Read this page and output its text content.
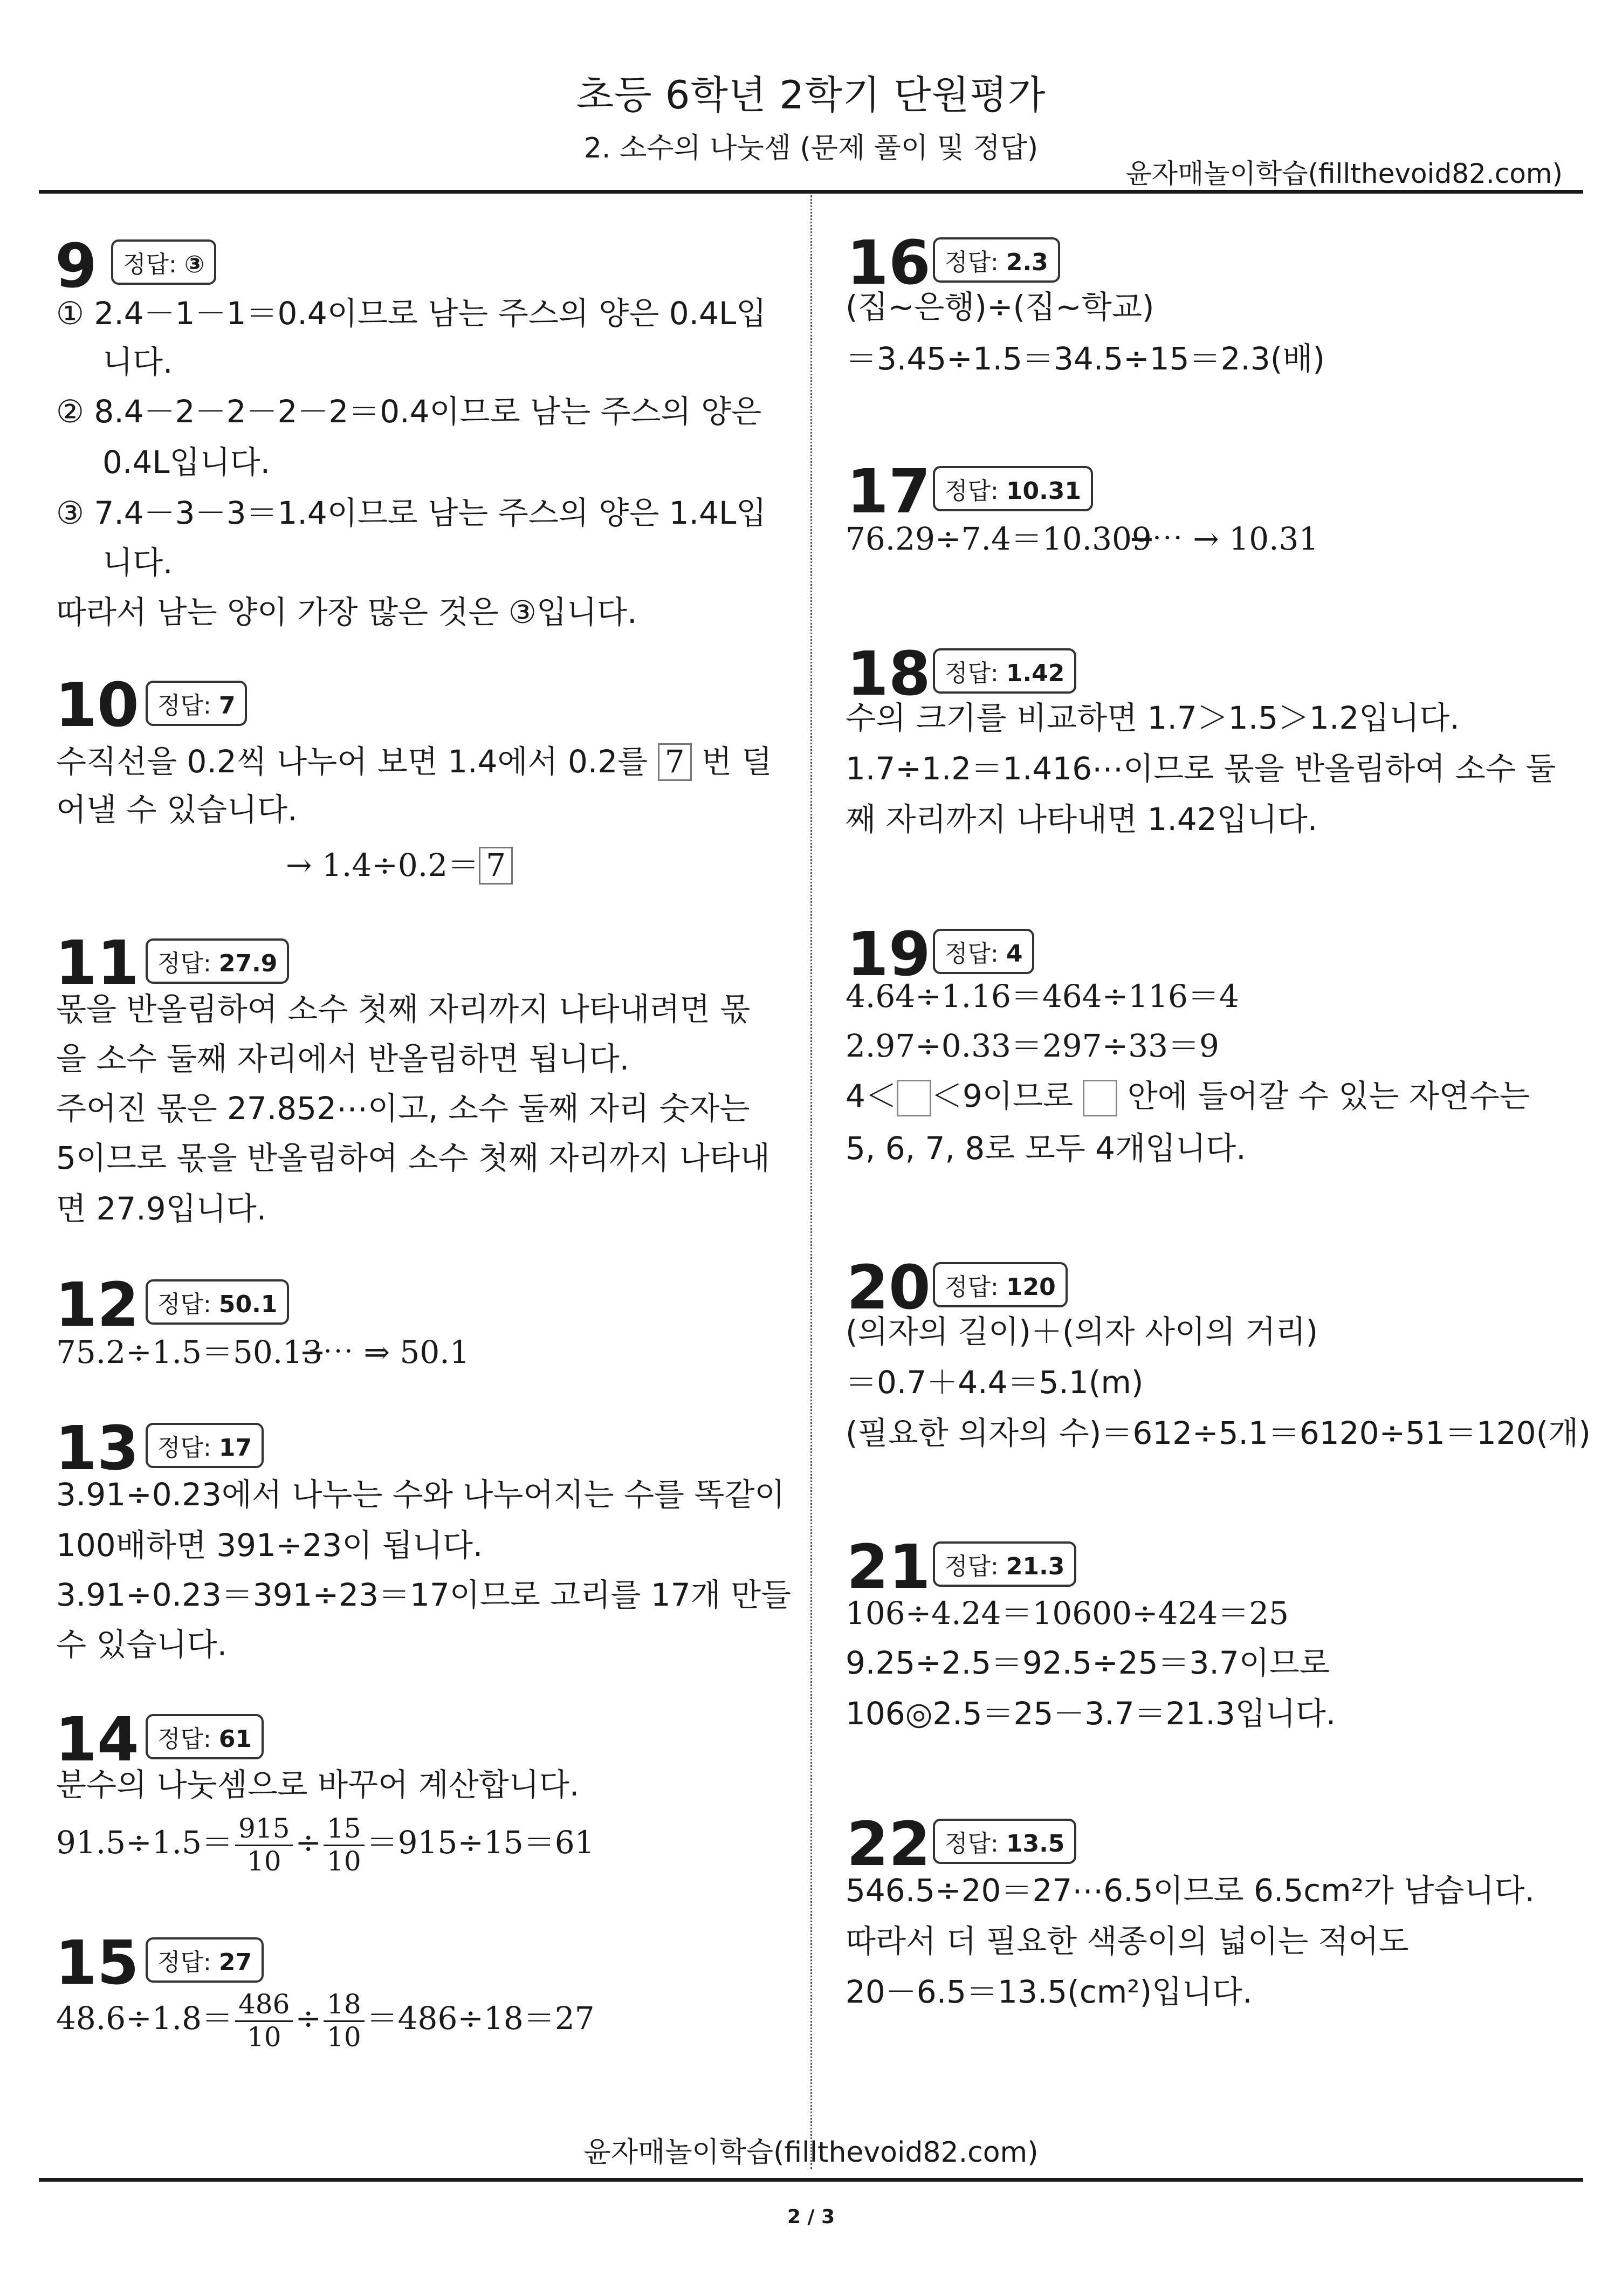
초등 6학년 2학기 단원평가
2. 소수의 나눗셈 (문제 풀이 및 정답)
윤자매놀이학습(fillthevoid82.com)
9	정답: ③
① 2.4－1－1＝0.4이므로 남는 주스의 양은 0.4L입
니다.
② 8.4－2－2－2－2＝0.4이므로 남는 주스의 양은
0.4L입니다.
③ 7.4－3－3＝1.4이므로 남는 주스의 양은 1.4L입
니다.
따라서 남는 양이 가장 많은 것은 ③입니다.
10 정답: 7
수직선을 0.2씩 나누어 보면 1.4에서 0.2를 7 번 덜
어낼 수 있습니다.
→ 1.4÷0.2＝ 7
11 정답: 27.9
몫을 반올림하여 소수 첫째 자리까지 나타내려면 몫
을 소수 둘째 자리에서 반올림하면 됩니다.
주어진 몫은 27.852⋯이고, 소수 둘째 자리 숫자는
5이므로 몫을 반올림하여 소수 첫째 자리까지 나타내
면 27.9입니다.
12 정답: 50.1
75.2÷1.5＝50.13⋯ ⇒ 50.1
13 정답: 17
3.91÷0.23에서 나누는 수와 나누어지는 수를 똑같이
100배하면 391÷23이 됩니다.
3.91÷0.23＝391÷23＝17이므로 고리를 17개 만들
수 있습니다.
14 정답: 61
분수의 나눗셈으로 바꾸어 계산합니다.
$91.5\div 1.5= \frac{915}{10} \div \frac{15}{10} =915\div 15=61$
15 정답: 27
$48.6\div 1.8= \frac{486}{10} \div \frac{18}{10} =486\div 18=27$
16 정답: 2.3
(집~은행)÷(집~학교)
＝3.45÷1.5＝34.5÷15＝2.3(배)
17 정답: 10.31
76.29÷7.4＝10.309⋯ → 10.31
18 정답: 1.42
수의 크기를 비교하면 1.7＞1.5＞1.2입니다.
1.7÷1.2＝1.416⋯이므로 몫을 반올림하여 소수 둘
째 자리까지 나타내면 1.42입니다.
19 정답: 4
4.64÷1.16＝464÷116＝4
2.97÷0.33＝297÷33＝9
4＜ ＜9이므로 안에 들어갈 수 있는 자연수는
5, 6, 7, 8로 모두 4개입니다.
20 정답: 120
(의자의 길이)＋(의자 사이의 거리)
＝0.7＋4.4＝5.1(m)
(필요한 의자의 수)＝612÷5.1＝6120÷51＝120(개)
21 정답: 21.3
106÷4.24＝10600÷424＝25
9.25÷2.5＝92.5÷25＝3.7이므로
106◎2.5＝25－3.7＝21.3입니다.
22 정답: 13.5
546.5÷20＝27⋯6.5이므로 6.5cm²가 남습니다.
따라서 더 필요한 색종이의 넓이는 적어도
20－6.5＝13.5(cm²)입니다.
윤자매놀이학습(fillthevoid82.com)
2 / 3
